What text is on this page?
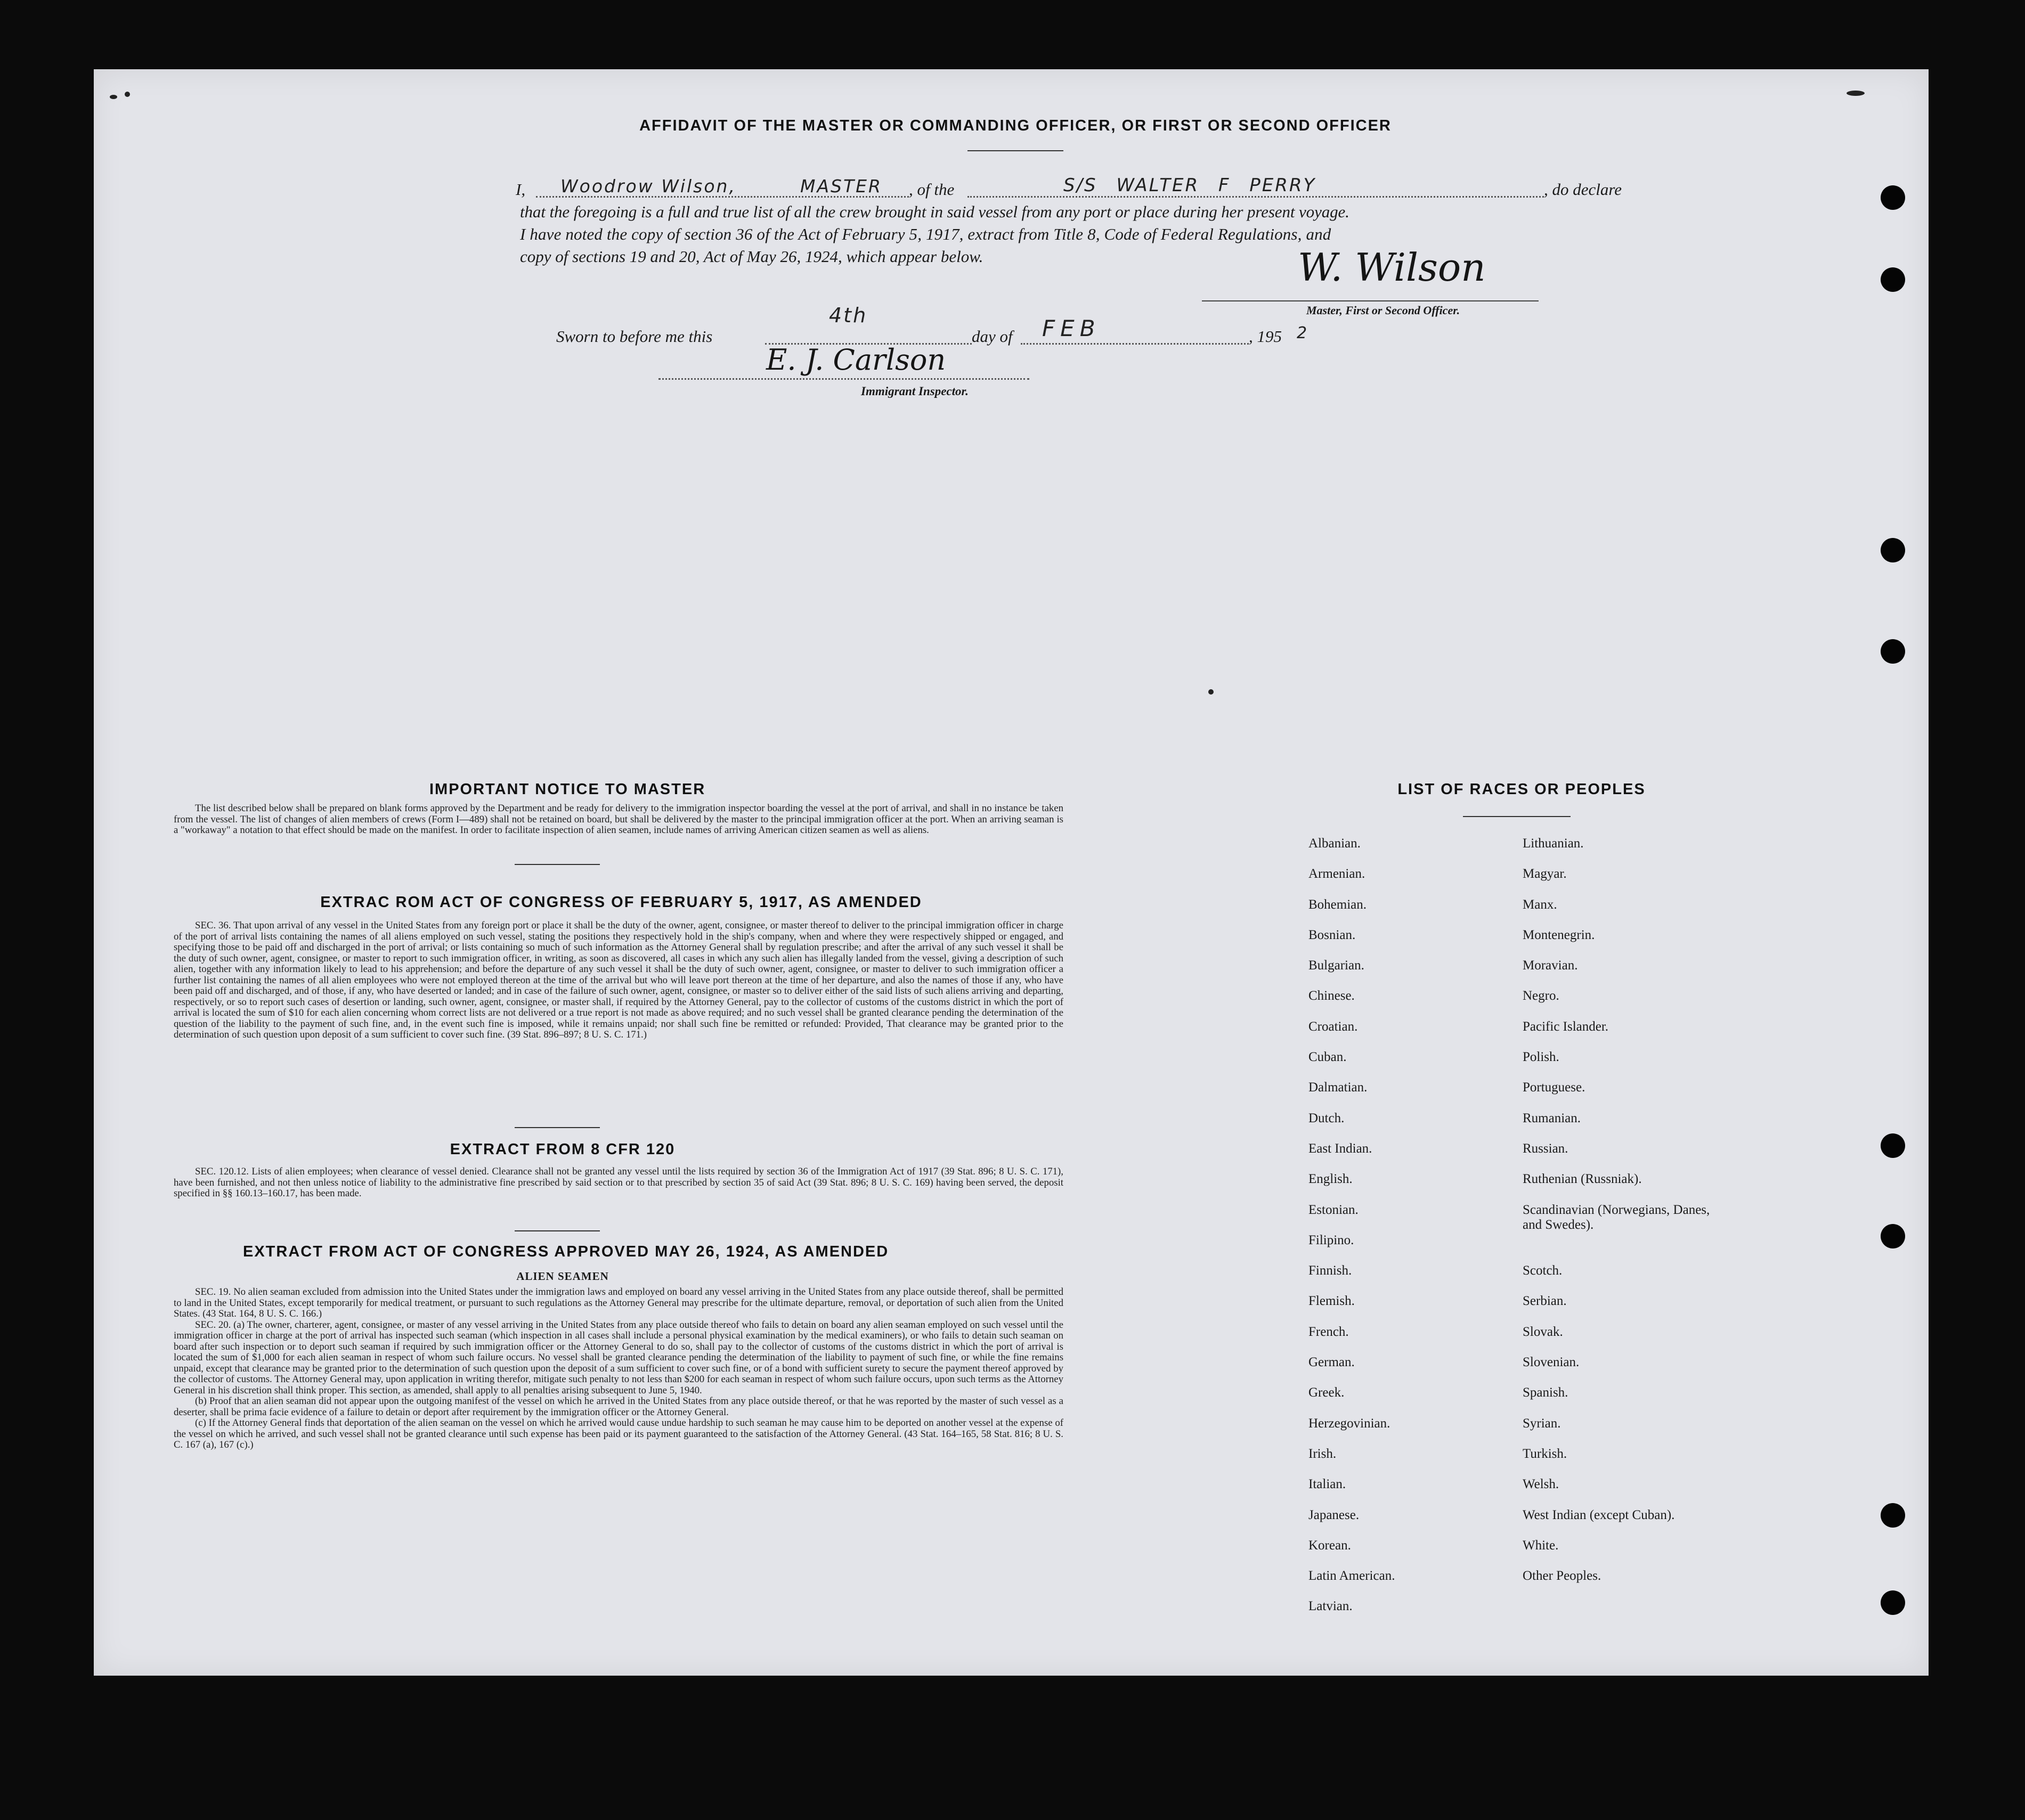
AFFIDAVIT OF THE MASTER OR COMMANDING OFFICER, OR FIRST OR SECOND OFFICER
I, Woodrow Wilson,	MASTER , of the	S/S WALTER F PERRY	, do declare
that the foregoing is a full and true list of all the crew brought in said vessel from any port or place during her present voyage.
I have noted the copy of section 36 of the Act of February 5, 1917, extract from Title 8, Code of Federal Regulations, and
copy of sections 19 and 20, Act of May 26, 1924, which appear below.	W. Wilson
Master, First or Second Officer.
Sworn to before me this
4th
day of FEB	, 195 2
E. J. Carlson
Immigrant Inspector.
IMPORTANT NOTICE TO MASTER

The list described below shall be prepared on blank forms approved by the Department and be ready for delivery to the immigration inspector boarding the vessel at the port of arrival, and shall in no instance be taken from the vessel. The list of changes of alien members of crews (Form I—489) shall not be retained on board, but shall be delivered by the master to the principal immigration officer at the port. When an arriving seaman is a "workaway" a notation to that effect should be made on the manifest. In order to facilitate inspection of alien seamen, include names of arriving American citizen seamen as well as aliens.

EXTRAC ROM ACT OF CONGRESS OF FEBRUARY 5, 1917, AS AMENDED

SEC. 36. That upon arrival of any vessel in the United States from any foreign port or place it shall be the duty of the owner, agent, consignee, or master thereof to deliver to the principal immigration officer in charge of the port of arrival lists containing the names of all aliens employed on such vessel, stating the positions they respectively hold in the ship's company, when and where they were respectively shipped or engaged, and specifying those to be paid off and discharged in the port of arrival; or lists containing so much of such information as the Attorney General shall by regulation prescribe; and after the arrival of any such vessel it shall be the duty of such owner, agent, consignee, or master to report to such immigration officer, in writing, as soon as discovered, all cases in which any such alien has illegally landed from the vessel, giving a description of such alien, together with any information likely to lead to his apprehension; and before the departure of any such vessel it shall be the duty of such owner, agent, consignee, or master to deliver to such immigration officer a further list containing the names of all alien employees who were not employed thereon at the time of the arrival but who will leave port thereon at the time of her departure, and also the names of those if any, who have been paid off and discharged, and of those, if any, who have deserted or landed; and in case of the failure of such owner, agent, consignee, or master so to deliver either of the said lists of such aliens arriving and departing, respectively, or so to report such cases of desertion or landing, such owner, agent, consignee, or master shall, if required by the Attorney General, pay to the collector of customs of the customs district in which the port of arrival is located the sum of $10 for each alien concerning whom correct lists are not delivered or a true report is not made as above required; and no such vessel shall be granted clearance pending the determination of the question of the liability to the payment of such fine, and, in the event such fine is imposed, while it remains unpaid; nor shall such fine be remitted or refunded: Provided, That clearance may be granted prior to the determination of such question upon deposit of a sum sufficient to cover such fine. (39 Stat. 896–897; 8 U. S. C. 171.)

EXTRACT FROM 8 CFR 120

SEC. 120.12. Lists of alien employees; when clearance of vessel denied. Clearance shall not be granted any vessel until the lists required by section 36 of the Immigration Act of 1917 (39 Stat. 896; 8 U. S. C. 171), have been furnished, and not then unless notice of liability to the administrative fine prescribed by said section or to that prescribed by section 35 of said Act (39 Stat. 896; 8 U. S. C. 169) having been served, the deposit specified in §§ 160.13–160.17, has been made.

EXTRACT FROM ACT OF CONGRESS APPROVED MAY 26, 1924, AS AMENDED
ALIEN SEAMEN

SEC. 19. No alien seaman excluded from admission into the United States under the immigration laws and employed on board any vessel arriving in the United States from any place outside thereof, shall be permitted to land in the United States, except temporarily for medical treatment, or pursuant to such regulations as the Attorney General may prescribe for the ultimate departure, removal, or deportation of such alien from the United States. (43 Stat. 164, 8 U. S. C. 166.)

SEC. 20. (a) The owner, charterer, agent, consignee, or master of any vessel arriving in the United States from any place outside thereof who fails to detain on board any alien seaman employed on such vessel until the immigration officer in charge at the port of arrival has inspected such seaman (which inspection in all cases shall include a personal physical examination by the medical examiners), or who fails to detain such seaman on board after such inspection or to deport such seaman if required by such immigration officer or the Attorney General to do so, shall pay to the collector of customs of the customs district in which the port of arrival is located the sum of $1,000 for each alien seaman in respect of whom such failure occurs. No vessel shall be granted clearance pending the determination of the liability to payment of such fine, or while the fine remains unpaid, except that clearance may be granted prior to the determination of such question upon the deposit of a sum sufficient to cover such fine, or of a bond with sufficient surety to secure the payment thereof approved by the collector of customs. The Attorney General may, upon application in writing therefor, mitigate such penalty to not less than $200 for each seaman in respect of whom such failure occurs, upon such terms as the Attorney General in his discretion shall think proper. This section, as amended, shall apply to all penalties arising subsequent to June 5, 1940.

(b) Proof that an alien seaman did not appear upon the outgoing manifest of the vessel on which he arrived in the United States from any place outside thereof, or that he was reported by the master of such vessel as a deserter, shall be prima facie evidence of a failure to detain or deport after requirement by the immigration officer or the Attorney General.

(c) If the Attorney General finds that deportation of the alien seaman on the vessel on which he arrived would cause undue hardship to such seaman he may cause him to be deported on another vessel at the expense of the vessel on which he arrived, and such vessel shall not be granted clearance until such expense has been paid or its payment guaranteed to the satisfaction of the Attorney General. (43 Stat. 164–165, 58 Stat. 816; 8 U. S. C. 167 (a), 167 (c).)

LIST OF RACES OR PEOPLES
Albanian.
Armenian.
Bohemian.
Bosnian.
Bulgarian.
Chinese.
Croatian.
Cuban.
Dalmatian.
Dutch.
East Indian.
English.
Estonian.
Filipino.
Finnish.
Flemish.
French.
German.
Greek.
Herzegovinian.
Irish.
Italian.
Japanese.
Korean.
Latin American.
Latvian.
Lithuanian.
Magyar.
Manx.
Montenegrin.
Moravian.
Negro.
Pacific Islander.
Polish.
Portuguese.
Rumanian.
Russian.
Ruthenian (Russniak).
Scandinavian (Norwegians, Danes, and Swedes).
Scotch.
Serbian.
Slovak.
Slovenian.
Spanish.
Syrian.
Turkish.
Welsh.
West Indian (except Cuban).
White.
Other Peoples.
